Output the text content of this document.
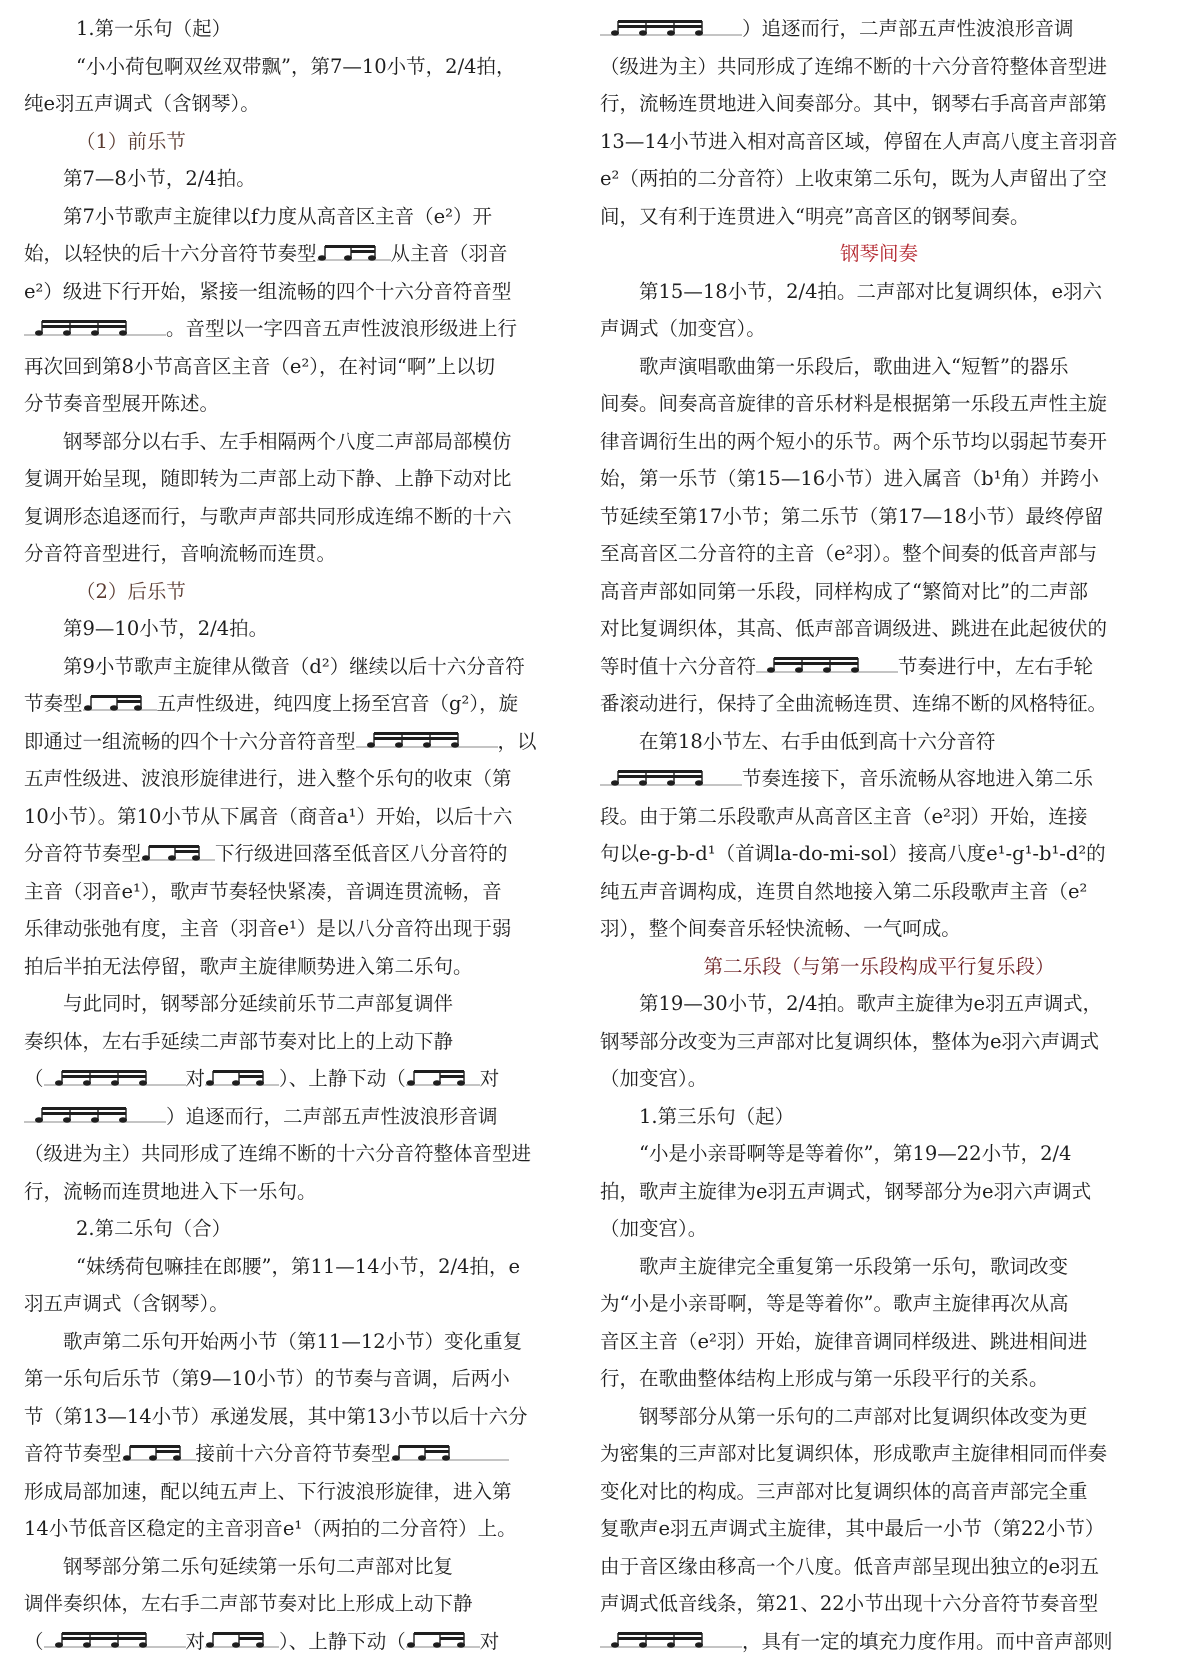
1.第一乐句（起）
“小小荷包啊双丝双带飘”，第7—10小节，2/4拍，
纯e羽五声调式（含钢琴）。
（1）前乐节
第7—8小节，2/4拍。
第7小节歌声主旋律以f力度从高音区主音（e²）开
始，以轻快的后十六分音符节奏型	从主音（羽音
e²）级进下行开始，紧接一组流畅的四个十六分音符音型
。音型以一字四音五声性波浪形级进上行
再次回到第8小节高音区主音（e²），在衬词“啊”上以切
分节奏音型展开陈述。
钢琴部分以右手、左手相隔两个八度二声部局部模仿
复调开始呈现，随即转为二声部上动下静、上静下动对比
复调形态追逐而行，与歌声声部共同形成连绵不断的十六
分音符音型进行，音响流畅而连贯。
（2）后乐节
第9—10小节，2/4拍。
第9小节歌声主旋律从徵音（d²）继续以后十六分音符
节奏型	五声性级进，纯四度上扬至宫音（g²），旋
即通过一组流畅的四个十六分音符音型	，以
五声性级进、波浪形旋律进行，进入整个乐句的收束（第
10小节）。第10小节从下属音（商音a¹）开始，以后十六
分音符节奏型	下行级进回落至低音区八分音符的
主音（羽音e¹），歌声节奏轻快紧凑，音调连贯流畅，音
乐律动张弛有度，主音（羽音e¹）是以八分音符出现于弱
拍后半拍无法停留，歌声主旋律顺势进入第二乐句。
与此同时，钢琴部分延续前乐节二声部复调伴
奏织体，左右手延续二声部节奏对比上的上动下静
（	对	）、上静下动（	对
）追逐而行，二声部五声性波浪形音调
（级进为主）共同形成了连绵不断的十六分音符整体音型进
行，流畅而连贯地进入下一乐句。
2.第二乐句（合）
“妹绣荷包嘛挂在郎腰”，第11—14小节，2/4拍，e
羽五声调式（含钢琴）。
歌声第二乐句开始两小节（第11—12小节）变化重复
第一乐句后乐节（第9—10小节）的节奏与音调，后两小
节（第13—14小节）承递发展，其中第13小节以后十六分
音符节奏型	接前十六分音符节奏型
形成局部加速，配以纯五声上、下行波浪形旋律，进入第
14小节低音区稳定的主音羽音e¹（两拍的二分音符）上。
钢琴部分第二乐句延续第一乐句二声部对比复
调伴奏织体，左右手二声部节奏对比上形成上动下静
（	对	）、上静下动（	对
）追逐而行，二声部五声性波浪形音调
（级进为主）共同形成了连绵不断的十六分音符整体音型进
行，流畅连贯地进入间奏部分。其中，钢琴右手高音声部第
13—14小节进入相对高音区域，停留在人声高八度主音羽音
e²（两拍的二分音符）上收束第二乐句，既为人声留出了空
间，又有利于连贯进入“明亮”高音区的钢琴间奏。
钢琴间奏
第15—18小节，2/4拍。二声部对比复调织体，e羽六
声调式（加变宫）。
歌声演唱歌曲第一乐段后，歌曲进入“短暂”的器乐
间奏。间奏高音旋律的音乐材料是根据第一乐段五声性主旋
律音调衍生出的两个短小的乐节。两个乐节均以弱起节奏开
始，第一乐节（第15—16小节）进入属音（b¹角）并跨小
节延续至第17小节；第二乐节（第17—18小节）最终停留
至高音区二分音符的主音（e²羽）。整个间奏的低音声部与
高音声部如同第一乐段，同样构成了“繁简对比”的二声部
对比复调织体，其高、低声部音调级进、跳进在此起彼伏的
等时值十六分音符	节奏进行中，左右手轮
番滚动进行，保持了全曲流畅连贯、连绵不断的风格特征。
在第18小节左、右手由低到高十六分音符
节奏连接下，音乐流畅从容地进入第二乐
段。由于第二乐段歌声从高音区主音（e²羽）开始，连接
句以e-g-b-d¹（首调la-do-mi-sol）接高八度e¹-g¹-b¹-d²的
纯五声音调构成，连贯自然地接入第二乐段歌声主音（e²
羽），整个间奏音乐轻快流畅、一气呵成。
第二乐段（与第一乐段构成平行复乐段）
第19—30小节，2/4拍。歌声主旋律为e羽五声调式，
钢琴部分改变为三声部对比复调织体，整体为e羽六声调式
（加变宫）。
1.第三乐句（起）
“小是小亲哥啊等是等着你”，第19—22小节，2/4
拍，歌声主旋律为e羽五声调式，钢琴部分为e羽六声调式
（加变宫）。
歌声主旋律完全重复第一乐段第一乐句，歌词改变
为“小是小亲哥啊，等是等着你”。歌声主旋律再次从高
音区主音（e²羽）开始，旋律音调同样级进、跳进相间进
行，在歌曲整体结构上形成与第一乐段平行的关系。
钢琴部分从第一乐句的二声部对比复调织体改变为更
为密集的三声部对比复调织体，形成歌声主旋律相同而伴奏
变化对比的构成。三声部对比复调织体的高音声部完全重
复歌声e羽五声调式主旋律，其中最后一小节（第22小节）
由于音区缘由移高一个八度。低音声部呈现出独立的e羽五
声调式低音线条，第21、22小节出现十六分音符节奏音型
，具有一定的填充力度作用。而中音声部则
